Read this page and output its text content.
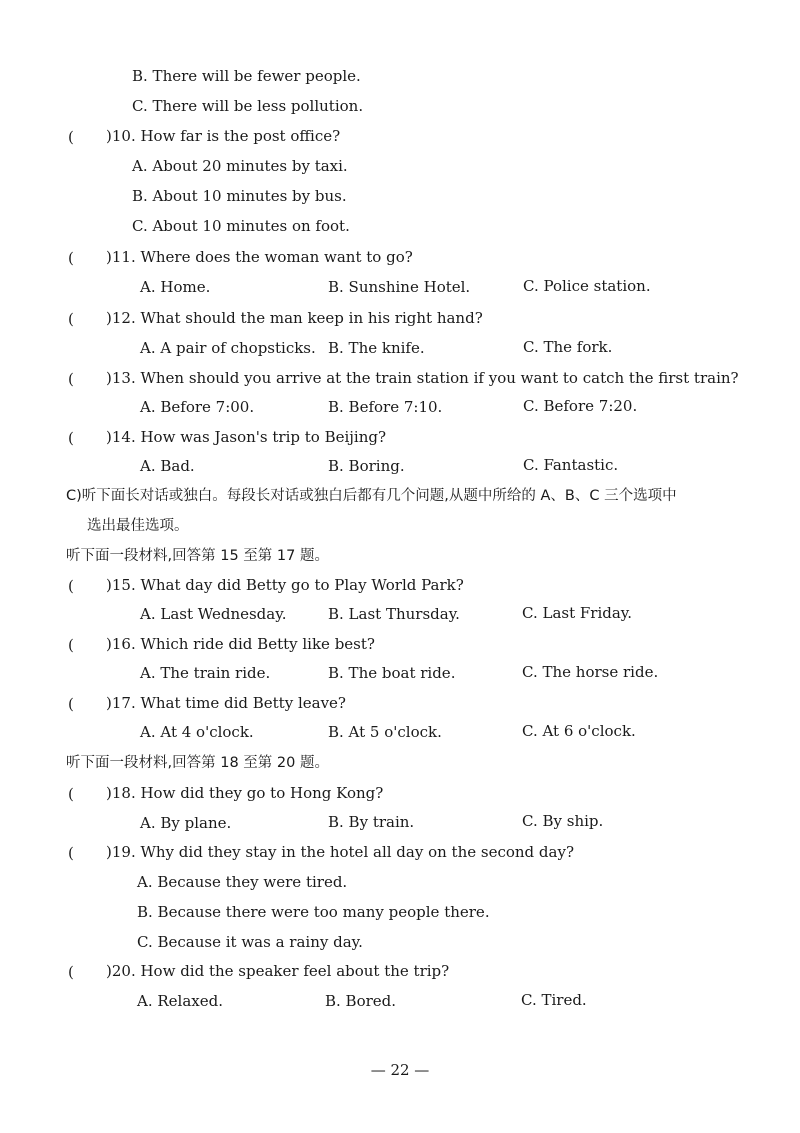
B. There will be fewer people.
C. There will be less pollution.
( )10. How far is the post office?
A. About 20 minutes by taxi.
B. About 10 minutes by bus.
C. About 10 minutes on foot.
( )11. Where does the woman want to go?
A. Home.	B. Sunshine Hotel.	C. Police station.
( )12. What should the man keep in his right hand?
A. A pair of chopsticks. B. The knife.	C. The fork.
( )13. When should you arrive at the train station if you want to catch the first train?
A. Before 7:00.	B. Before 7:10.	C. Before 7:20.
( )14. How was Jason's trip to Beijing?
A. Bad.	B. Boring.	C. Fantastic.
C)听下面长对话或独白。每段长对话或独白后都有几个问题,从题中所给的 A、B、C 三个选项中
选出最佳选项。
听下面一段材料,回答第 15 至第 17 题。
( )15. What day did Betty go to Play World Park?
A. Last Wednesday.	B. Last Thursday.	C. Last Friday.
( )16. Which ride did Betty like best?
A. The train ride.	B. The boat ride.	C. The horse ride.
( )17. What time did Betty leave?
A. At 4 o'clock.	B. At 5 o'clock.	C. At 6 o'clock.
听下面一段材料,回答第 18 至第 20 题。
( )18. How did they go to Hong Kong?
A. By plane.	B. By train.	C. By ship.
( )19. Why did they stay in the hotel all day on the second day?
A. Because they were tired.
B. Because there were too many people there.
C. Because it was a rainy day.
( )20. How did the speaker feel about the trip?
A. Relaxed.	B. Bored.	C. Tired.
— 22 —
